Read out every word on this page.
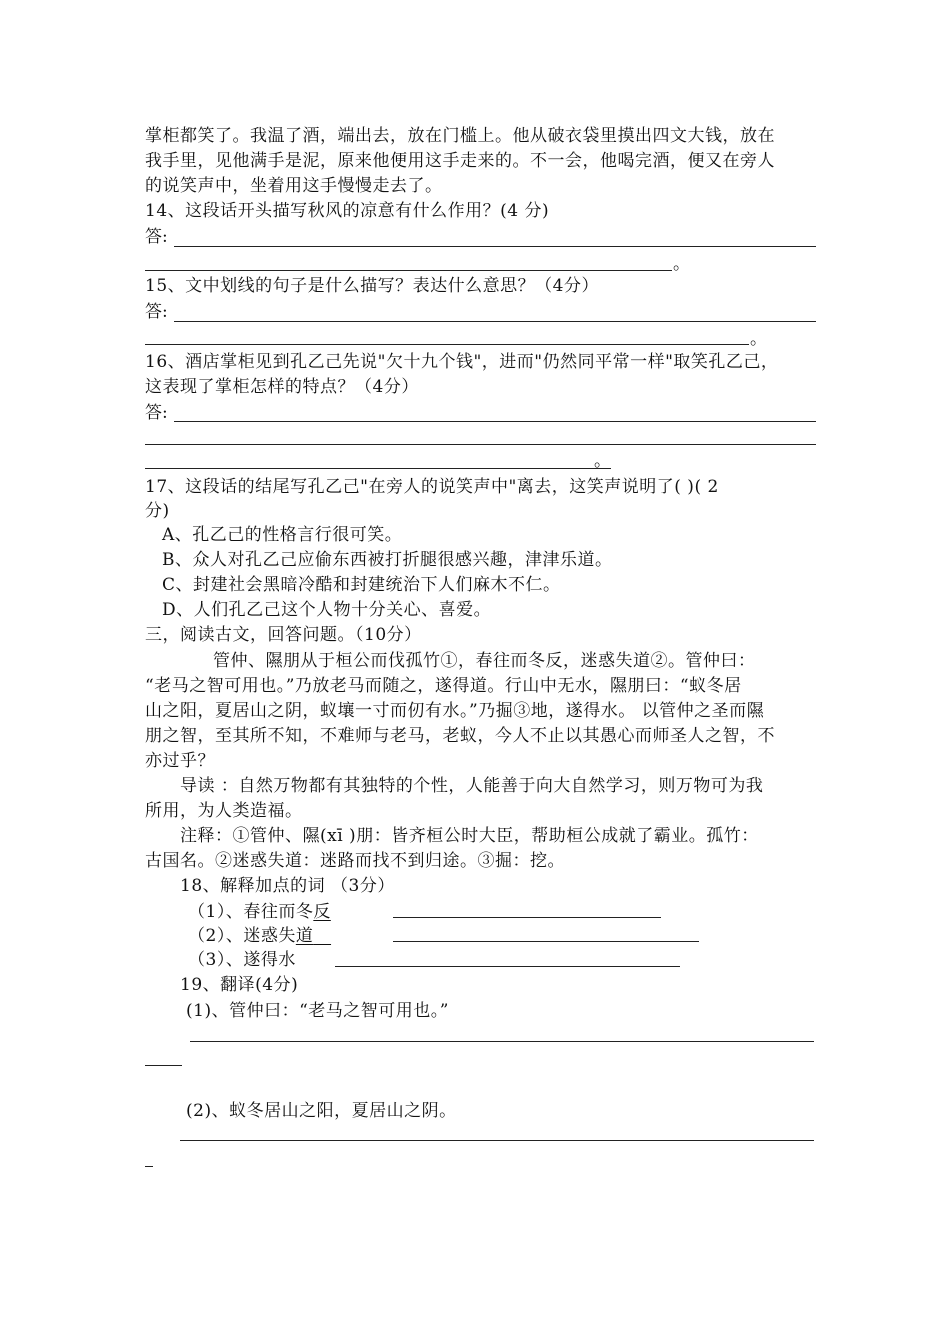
掌柜都笑了。我温了酒，端出去，放在门槛上。他从破衣袋里摸出四文大钱，放在
我手里，见他满手是泥，原来他便用这手走来的。不一会，他喝完酒，便又在旁人
的说笑声中，坐着用这手慢慢走去了。
14、这段话开头描写秋风的凉意有什么作用？(4 分)
答:
。
15、文中划线的句子是什么描写？表达什么意思？（4分）
答:
。
16、酒店掌柜见到孔乙己先说"欠十九个钱"，进而"仍然同平常一样"取笑孔乙己，
这表现了掌柜怎样的特点？（4分）
答:
。
17、这段话的结尾写孔乙己"在旁人的说笑声中"离去，这笑声说明了( )( 2
分)
A、孔乙己的性格言行很可笑。
B、众人对孔乙己应偷东西被打折腿很感兴趣，津津乐道。
C、封建社会黑暗冷酷和封建统治下人们麻木不仁。
D、人们孔乙己这个人物十分关心、喜爱。
三，阅读古文，回答问题。（10分）
管仲、隰朋从于桓公而伐孤竹①，春往而冬反，迷惑失道②。管仲曰：
“老马之智可用也。”乃放老马而随之，遂得道。行山中无水，隰朋曰：“蚁冬居
山之阳，夏居山之阴，蚁壤一寸而仞有水。”乃掘③地，遂得水。 以管仲之圣而隰
朋之智，至其所不知，不难师与老马，老蚁，今人不止以其愚心而师圣人之智，不
亦过乎？
导读 ：自然万物都有其独特的个性，人能善于向大自然学习，则万物可为我
所用，为人类造福。
注释：①管仲、隰(xī )朋：皆齐桓公时大臣，帮助桓公成就了霸业。孤竹：
古国名。②迷惑失道：迷路而找不到归途。③掘：挖。
18、解释加点的词 （3分）
（1）、春往而冬反
（2）、迷惑失道
（3）、遂得水
19、翻译(4分)
(1)、管仲曰：“老马之智可用也。”
(2)、蚁冬居山之阳，夏居山之阴。
